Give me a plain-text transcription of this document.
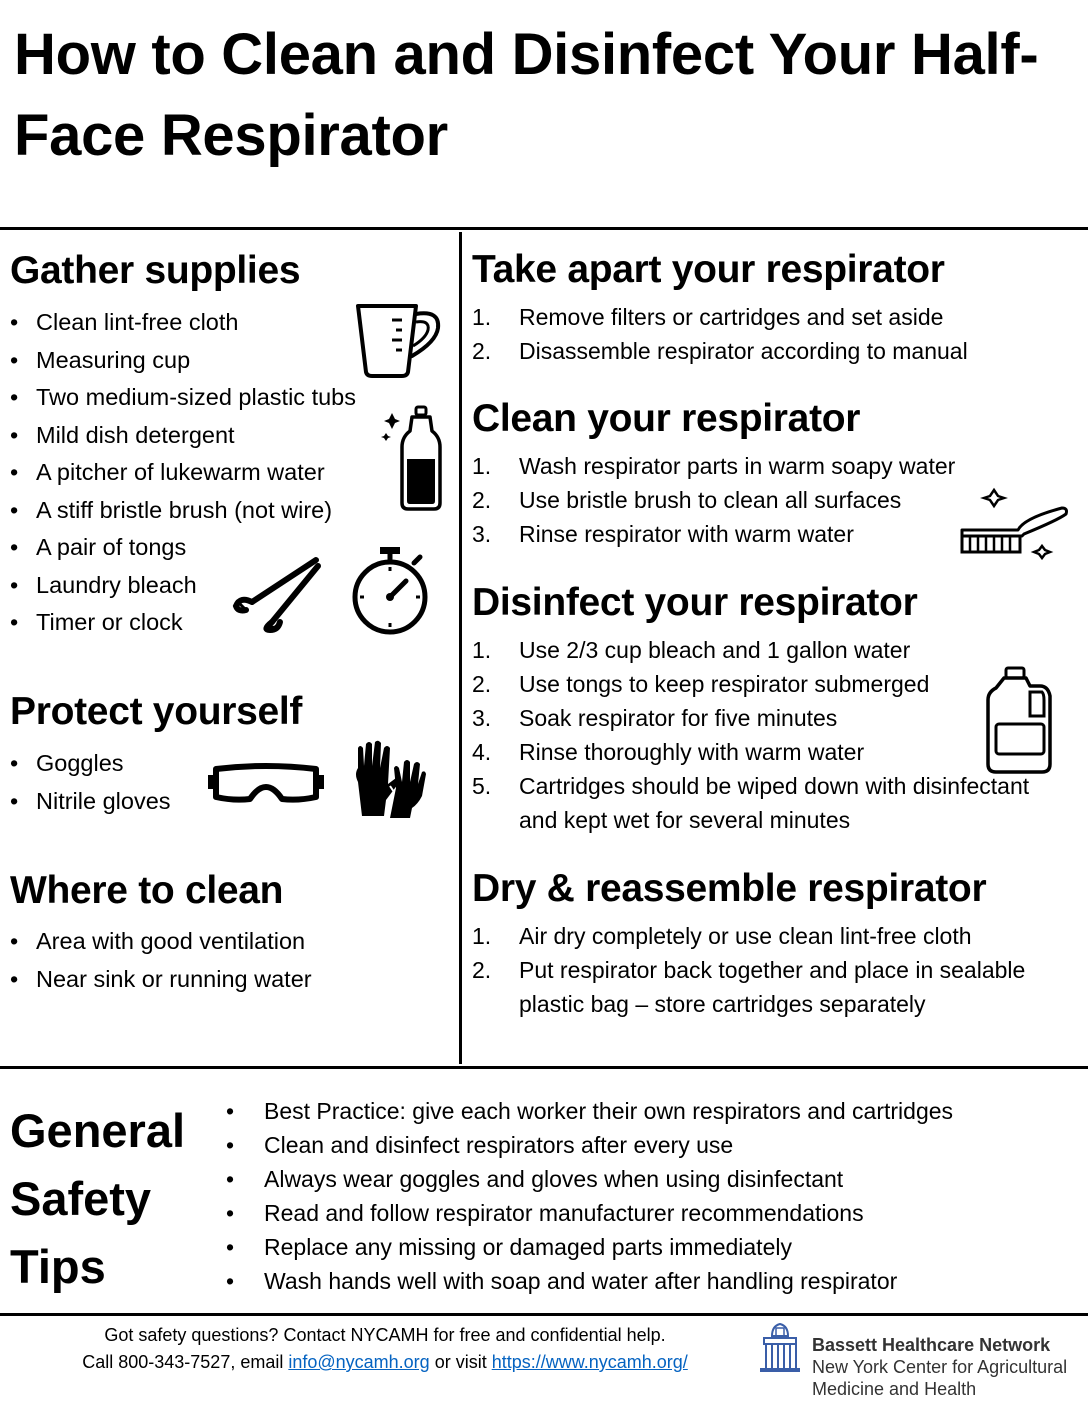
How to Clean and Disinfect Your Half-Face Respirator
Gather supplies
• Clean lint-free cloth
• Measuring cup
• Two medium-sized plastic tubs
• Mild dish detergent
• A pitcher of lukewarm water
• A stiff bristle brush (not wire)
• A pair of tongs
• Laundry bleach
• Timer or clock
Protect yourself
• Goggles
• Nitrile gloves
Where to clean
• Area with good ventilation
• Near sink or running water
Take apart your respirator
1. Remove filters or cartridges and set aside
2. Disassemble respirator according to manual
Clean your respirator
1. Wash respirator parts in warm soapy water
2. Use bristle brush to clean all surfaces
3. Rinse respirator with warm water
Disinfect your respirator
1. Use 2/3 cup bleach and 1 gallon water
2. Use tongs to keep respirator submerged
3. Soak respirator for five minutes
4. Rinse thoroughly with warm water
5. Cartridges should be wiped down with disinfectant and kept wet for several minutes
Dry & reassemble respirator
1. Air dry completely or use clean lint-free cloth
2. Put respirator back together and place in sealable plastic bag – store cartridges separately
General Safety Tips
• Best Practice: give each worker their own respirators and cartridges
• Clean and disinfect respirators after every use
• Always wear goggles and gloves when using disinfectant
• Read and follow respirator manufacturer recommendations
• Replace any missing or damaged parts immediately
• Wash hands well with soap and water after handling respirator
Got safety questions? Contact NYCAMH for free and confidential help.
Call 800-343-7527, email info@nycamh.org or visit https://www.nycamh.org/
Bassett Healthcare Network
New York Center for Agricultural
Medicine and Health
